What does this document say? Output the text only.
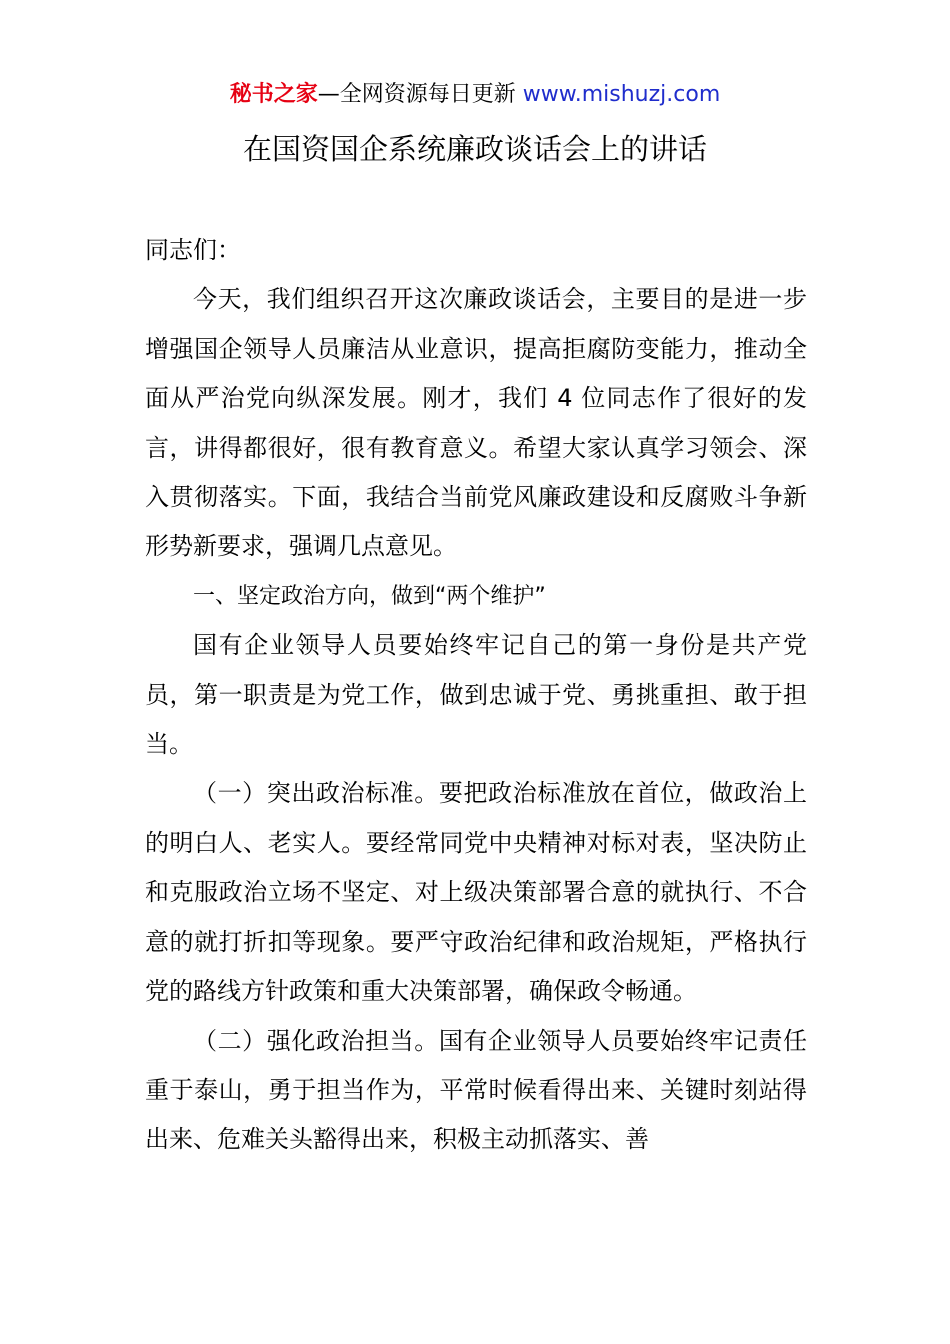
秘书之家—全网资源每日更新 www.mishuzj.com
在国资国企系统廉政谈话会上的讲话

同志们：

今天，我们组织召开这次廉政谈话会，主要目的是进一步增强国企领导人员廉洁从业意识，提高拒腐防变能力，推动全面从严治党向纵深发展。刚才，我们 4 位同志作了很好的发言，讲得都很好，很有教育意义。希望大家认真学习领会、深入贯彻落实。下面，我结合当前党风廉政建设和反腐败斗争新形势新要求，强调几点意见。

一、坚定政治方向，做到“两个维护”

国有企业领导人员要始终牢记自己的第一身份是共产党员，第一职责是为党工作，做到忠诚于党、勇挑重担、敢于担当。

（一）突出政治标准。要把政治标准放在首位，做政治上的明白人、老实人。要经常同党中央精神对标对表，坚决防止和克服政治立场不坚定、对上级决策部署合意的就执行、不合意的就打折扣等现象。要严守政治纪律和政治规矩，严格执行党的路线方针政策和重大决策部署，确保政令畅通。

（二）强化政治担当。国有企业领导人员要始终牢记责任重于泰山，勇于担当作为，平常时候看得出来、关键时刻站得出来、危难关头豁得出来，积极主动抓落实、善
